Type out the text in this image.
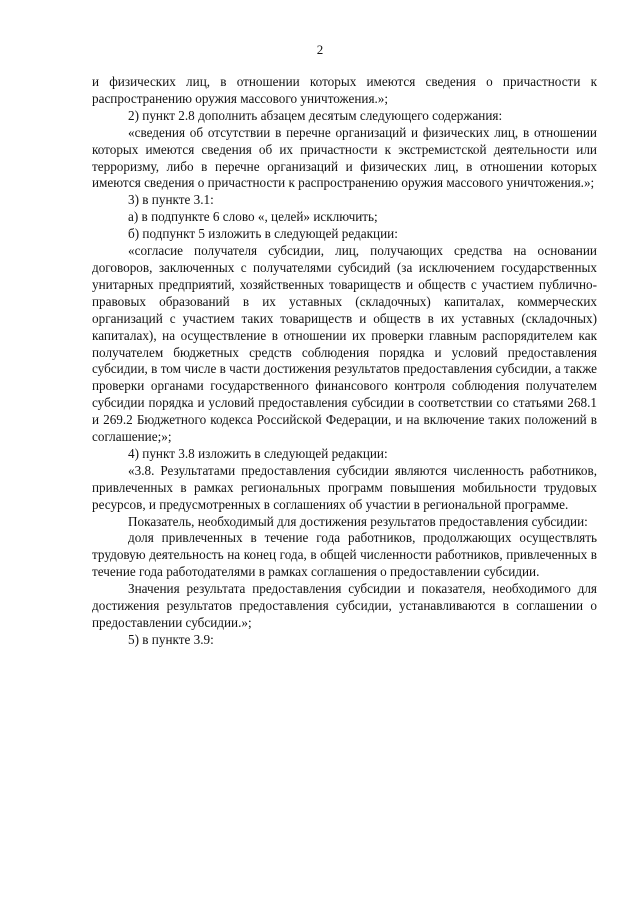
2

и физических лиц, в отношении которых имеются сведения о причастности к распространению оружия массового уничтожения.»;

2) пункт 2.8 дополнить абзацем десятым следующего содержания:

«сведения об отсутствии в перечне организаций и физических лиц, в отношении которых имеются сведения об их причастности к экстремистской деятельности или терроризму, либо в перечне организаций и физических лиц, в отношении которых имеются сведения о причастности к распространению оружия массового уничтожения.»;

3) в пункте 3.1:

а) в подпункте 6 слово «, целей» исключить;

б) подпункт 5 изложить в следующей редакции:

«согласие получателя субсидии, лиц, получающих средства на основании договоров, заключенных с получателями субсидий (за исключением государственных унитарных предприятий, хозяйственных товариществ и обществ с участием публично-правовых образований в их уставных (складочных) капиталах, коммерческих организаций с участием таких товариществ и обществ в их уставных (складочных) капиталах), на осуществление в отношении их проверки главным распорядителем как получателем бюджетных средств соблюдения порядка и условий предоставления субсидии, в том числе в части достижения результатов предоставления субсидии, а также проверки органами государственного финансового контроля соблюдения получателем субсидии порядка и условий предоставления субсидии в соответствии со статьями 268.1 и 269.2 Бюджетного кодекса Российской Федерации, и на включение таких положений в соглашение;»;

4) пункт 3.8 изложить в следующей редакции:

«3.8. Результатами предоставления субсидии являются численность работников, привлеченных в рамках региональных программ повышения мобильности трудовых ресурсов, и предусмотренных в соглашениях об участии в региональной программе.

Показатель, необходимый для достижения результатов предоставления субсидии:

доля привлеченных в течение года работников, продолжающих осуществлять трудовую деятельность на конец года, в общей численности работников, привлеченных в течение года работодателями в рамках соглашения о предоставлении субсидии.

Значения результата предоставления субсидии и показателя, необходимого для достижения результатов предоставления субсидии, устанавливаются в соглашении о предоставлении субсидии.»;

5) в пункте 3.9:
